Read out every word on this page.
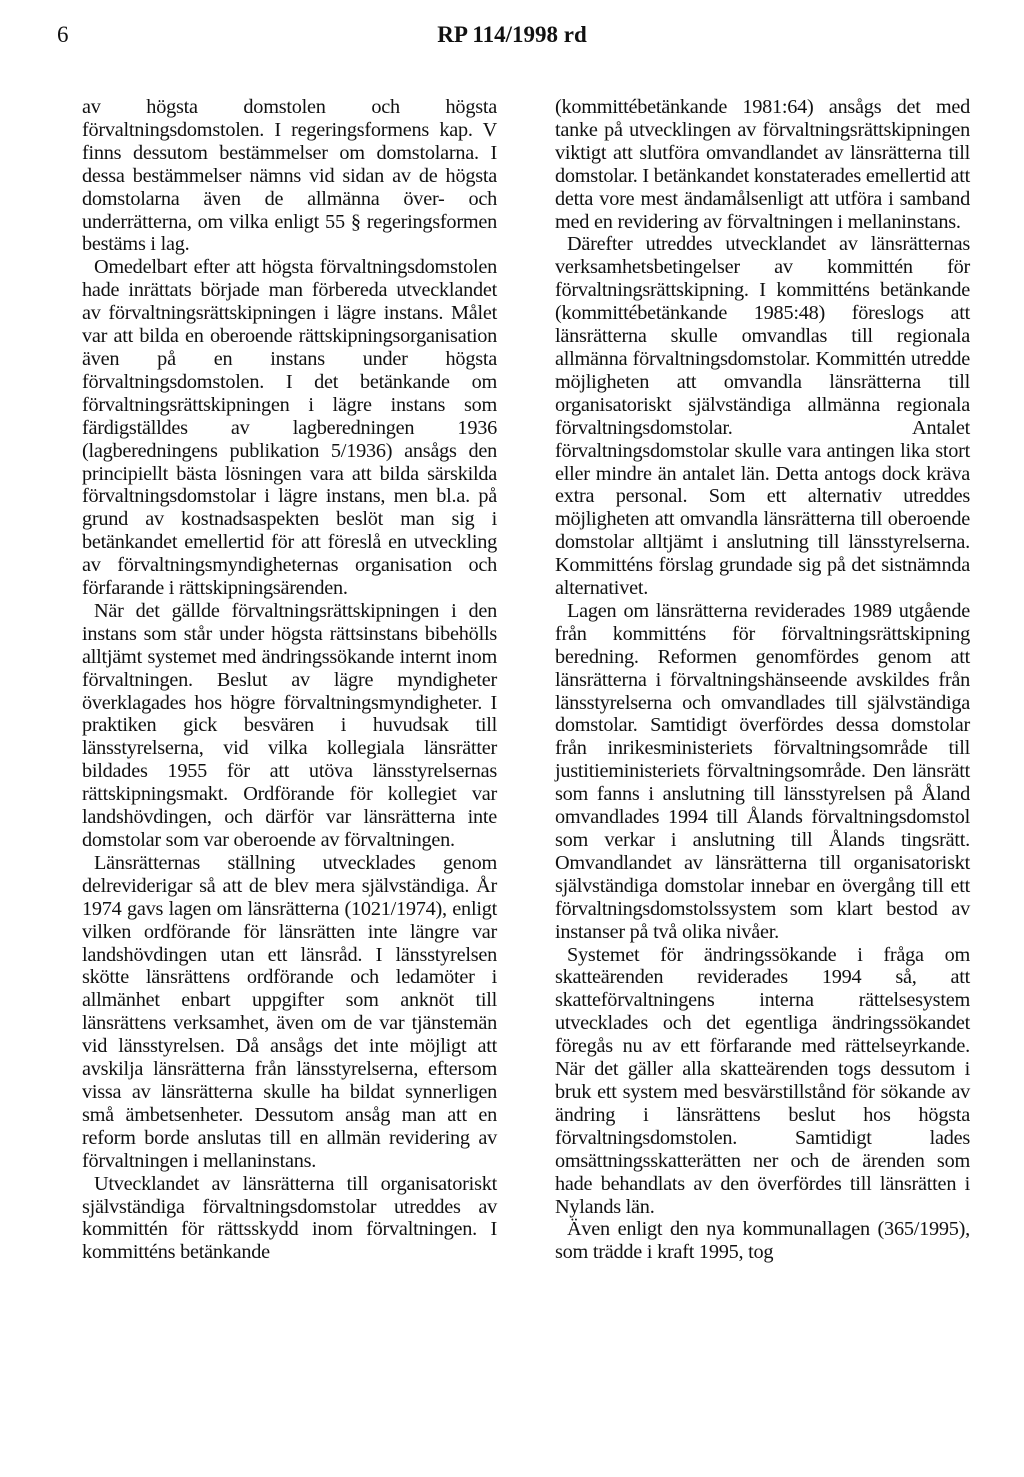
6	RP 114/1998 rd

av högsta domstolen och högsta förvaltningsdomstolen. I regeringsformens kap. V finns dessutom bestämmelser om domstolarna. I dessa bestämmelser nämns vid sidan av de högsta domstolarna även de allmänna över- och underrätterna, om vilka enligt 55 § regeringsformen bestäms i lag.

Omedelbart efter att högsta förvaltningsdomstolen hade inrättats började man förbereda utvecklandet av förvaltningsrättskipningen i lägre instans. Målet var att bilda en oberoende rättskipningsorganisation även på en instans under högsta förvaltningsdomstolen. I det betänkande om förvaltningsrättskipningen i lägre instans som färdigställdes av lagberedningen 1936 (lagberedningens publikation 5/1936) ansågs den principiellt bästa lösningen vara att bilda särskilda förvaltningsdomstolar i lägre instans, men bl.a. på grund av kostnadsaspekten beslöt man sig i betänkandet emellertid för att föreslå en utveckling av förvaltningsmyndigheternas organisation och förfarande i rättskipningsärenden.

När det gällde förvaltningsrättskipningen i den instans som står under högsta rättsinstans bibehölls alltjämt systemet med ändringssökande internt inom förvaltningen. Beslut av lägre myndigheter överklagades hos högre förvaltningsmyndigheter. I praktiken gick besvären i huvudsak till länsstyrelserna, vid vilka kollegiala länsrätter bildades 1955 för att utöva länsstyrelsernas rättskipningsmakt. Ordförande för kollegiet var landshövdingen, och därför var länsrätterna inte domstolar som var oberoende av förvaltningen.

Länsrätternas ställning utvecklades genom delreviderigar så att de blev mera självständiga. År 1974 gavs lagen om länsrätterna (1021/1974), enligt vilken ordförande för länsrätten inte längre var landshövdingen utan ett länsråd. I länsstyrelsen skötte länsrättens ordförande och ledamöter i allmänhet enbart uppgifter som anknöt till länsrättens verksamhet, även om de var tjänstemän vid länsstyrelsen. Då ansågs det inte möjligt att avskilja länsrätterna från länsstyrelserna, eftersom vissa av länsrätterna skulle ha bildat synnerligen små ämbetsenheter. Dessutom ansåg man att en reform borde anslutas till en allmän revidering av förvaltningen i mellaninstans.

Utvecklandet av länsrätterna till organisatoriskt självständiga förvaltningsdomstolar utreddes av kommittén för rättsskydd inom förvaltningen. I kommitténs betänkande

(kommittébetänkande 1981:64) ansågs det med tanke på utvecklingen av förvaltningsrättskipningen viktigt att slutföra omvandlandet av länsrätterna till domstolar. I betänkandet konstaterades emellertid att detta vore mest ändamålsenligt att utföra i samband med en revidering av förvaltningen i mellaninstans.

Därefter utreddes utvecklandet av länsrätternas verksamhetsbetingelser av kommittén för förvaltningsrättskipning. I kommitténs betänkande (kommittébetänkande 1985:48) föreslogs att länsrätterna skulle omvandlas till regionala allmänna förvaltningsdomstolar. Kommittén utredde möjligheten att omvandla länsrätterna till organisatoriskt självständiga allmänna regionala förvaltningsdomstolar. Antalet förvaltningsdomstolar skulle vara antingen lika stort eller mindre än antalet län. Detta antogs dock kräva extra personal. Som ett alternativ utreddes möjligheten att omvandla länsrätterna till oberoende domstolar alltjämt i anslutning till länsstyrelserna. Kommitténs förslag grundade sig på det sistnämnda alternativet.

Lagen om länsrätterna reviderades 1989 utgående från kommitténs för förvaltningsrättskipning beredning. Reformen genomfördes genom att länsrätterna i förvaltningshänseende avskildes från länsstyrelserna och omvandlades till självständiga domstolar. Samtidigt överfördes dessa domstolar från inrikesministeriets förvaltningsområde till justitieministeriets förvaltningsområde. Den länsrätt som fanns i anslutning till länsstyrelsen på Åland omvandlades 1994 till Ålands förvaltningsdomstol som verkar i anslutning till Ålands tingsrätt. Omvandlandet av länsrätterna till organisatoriskt självständiga domstolar innebar en övergång till ett förvaltningsdomstolssystem som klart bestod av instanser på två olika nivåer.

Systemet för ändringssökande i fråga om skatteärenden reviderades 1994 så, att skatteförvaltningens interna rättelsesystem utvecklades och det egentliga ändringssökandet föregås nu av ett förfarande med rättelseyrkande. När det gäller alla skatteärenden togs dessutom i bruk ett system med besvärstillstånd för sökande av ändring i länsrättens beslut hos högsta förvaltningsdomstolen. Samtidigt lades omsättningsskatterätten ner och de ärenden som hade behandlats av den överfördes till länsrätten i Nylands län.

Även enligt den nya kommunallagen (365/1995), som trädde i kraft 1995, tog
